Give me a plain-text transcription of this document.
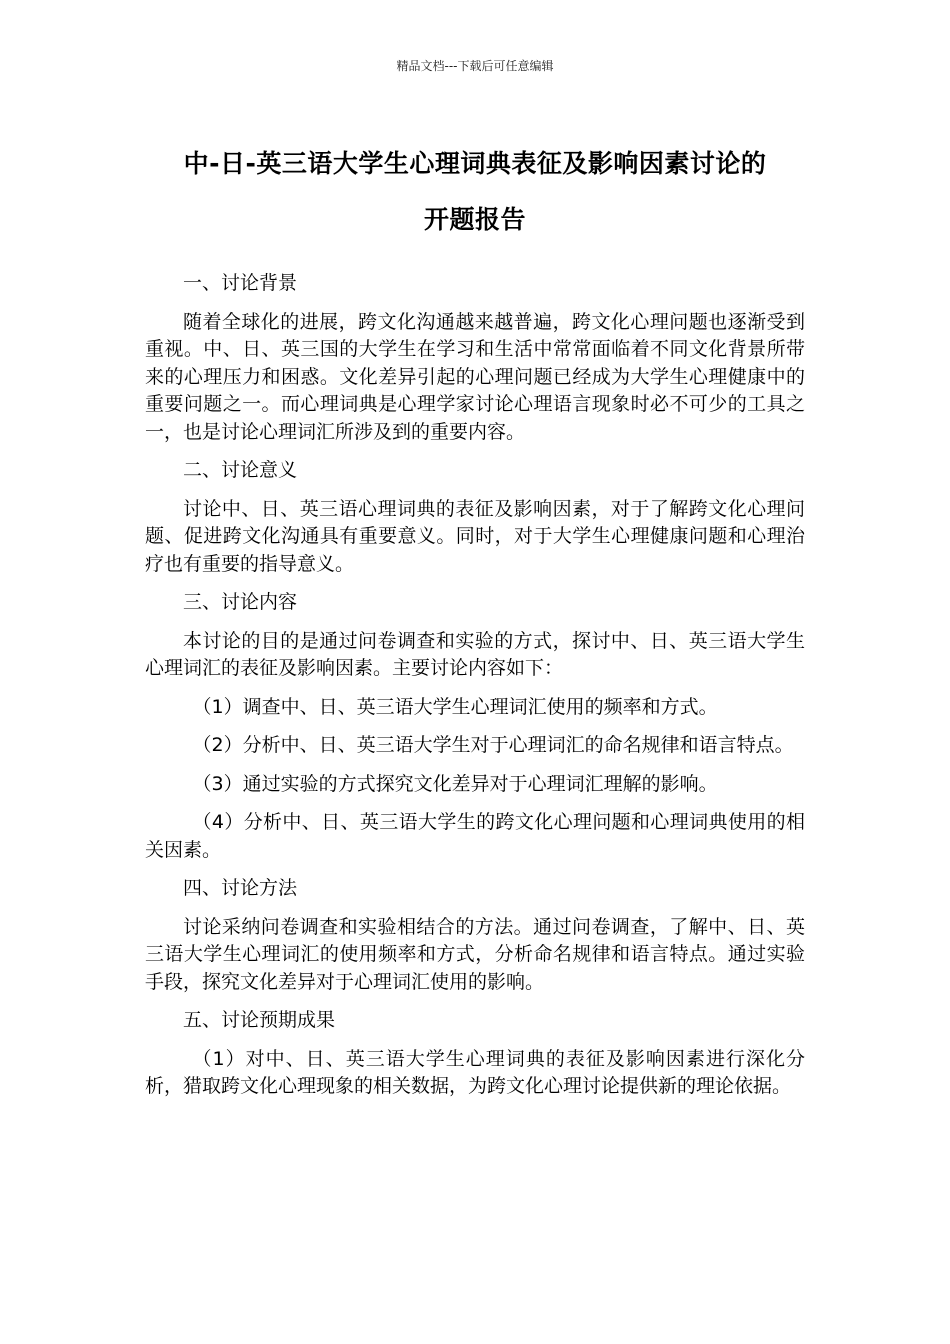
精品文档---下载后可任意编辑
中-日-英三语大学生心理词典表征及影响因素讨论的
开题报告

一、讨论背景

随着全球化的进展，跨文化沟通越来越普遍，跨文化心理问题也逐渐受到重视。中、日、英三国的大学生在学习和生活中常常面临着不同文化背景所带来的心理压力和困惑。文化差异引起的心理问题已经成为大学生心理健康中的重要问题之一。而心理词典是心理学家讨论心理语言现象时必不可少的工具之一，也是讨论心理词汇所涉及到的重要内容。

二、讨论意义

讨论中、日、英三语心理词典的表征及影响因素，对于了解跨文化心理问题、促进跨文化沟通具有重要意义。同时，对于大学生心理健康问题和心理治疗也有重要的指导意义。

三、讨论内容

本讨论的目的是通过问卷调查和实验的方式，探讨中、日、英三语大学生心理词汇的表征及影响因素。主要讨论内容如下：

（1）调查中、日、英三语大学生心理词汇使用的频率和方式。

（2）分析中、日、英三语大学生对于心理词汇的命名规律和语言特点。

（3）通过实验的方式探究文化差异对于心理词汇理解的影响。

（4）分析中、日、英三语大学生的跨文化心理问题和心理词典使用的相关因素。

四、讨论方法

讨论采纳问卷调查和实验相结合的方法。通过问卷调查，了解中、日、英三语大学生心理词汇的使用频率和方式，分析命名规律和语言特点。通过实验手段，探究文化差异对于心理词汇使用的影响。

五、讨论预期成果

（1）对中、日、英三语大学生心理词典的表征及影响因素进行深化分析，猎取跨文化心理现象的相关数据，为跨文化心理讨论提供新的理论依据。
